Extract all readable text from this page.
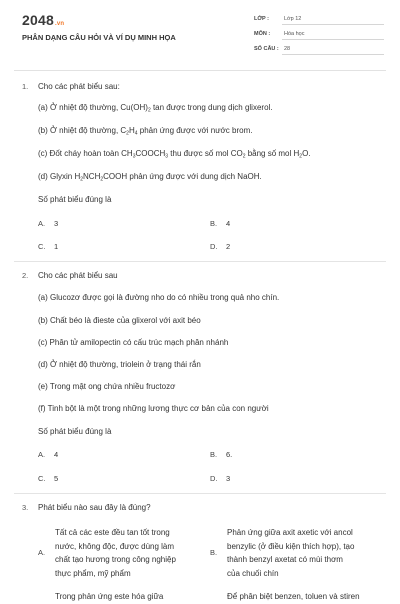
2048.vn
PHÂN DẠNG CÂU HỎI VÀ VÍ DỤ MINH HỌA
LỚP :	Lớp 12
MÔN :	Hóa học
SỐ CÂU : 28
1. Cho các phát biểu sau:
(a) Ở nhiệt độ thường, $Cu(OH)_2$ tan được trong dung dịch glixerol.
(b) Ở nhiệt độ thường, $C_2H_4$ phản ứng được với nước brom.
(c) Đốt cháy hoàn toàn $CH_3COOCH_3$ thu được số mol $CO_2$ bằng số mol $H_2O$.
(d) Glyxin $H_2NCH_2COOH$ phản ứng được với dung dịch NaOH.
Số phát biểu đúng là
A. 3	B. 4
C. 1	D. 2
2. Cho các phát biểu sau
(a) Glucozơ được gọi là đường nho do có nhiều trong quả nho chín.
(b) Chất béo là đieste của glixerol với axit béo
(c) Phân tử amilopectin có cấu trúc mạch phân nhánh
(d) Ở nhiệt độ thường, triolein ở trạng thái rắn
(e) Trong mật ong chứa nhiều fructozơ
(f) Tinh bột là một trong những lương thực cơ bản của con người
Số phát biểu đúng là
A. 4	B. 6.
C. 5	D. 3
3. Phát biểu nào sau đây là đúng?
A.
Tất cả các este đều tan tốt trong
nước, không độc, được dùng làm
chất tạo hương trong công nghiệp
thực phẩm, mỹ phẩm
B.
Phản ứng giữa axit axetic với ancol
benzylic (ở điều kiện thích hợp), tạo
thành benzyl axetat có mùi thơm
của chuối chín
Trong phản ứng este hóa giữa	Để phân biệt benzen, toluen và stiren
